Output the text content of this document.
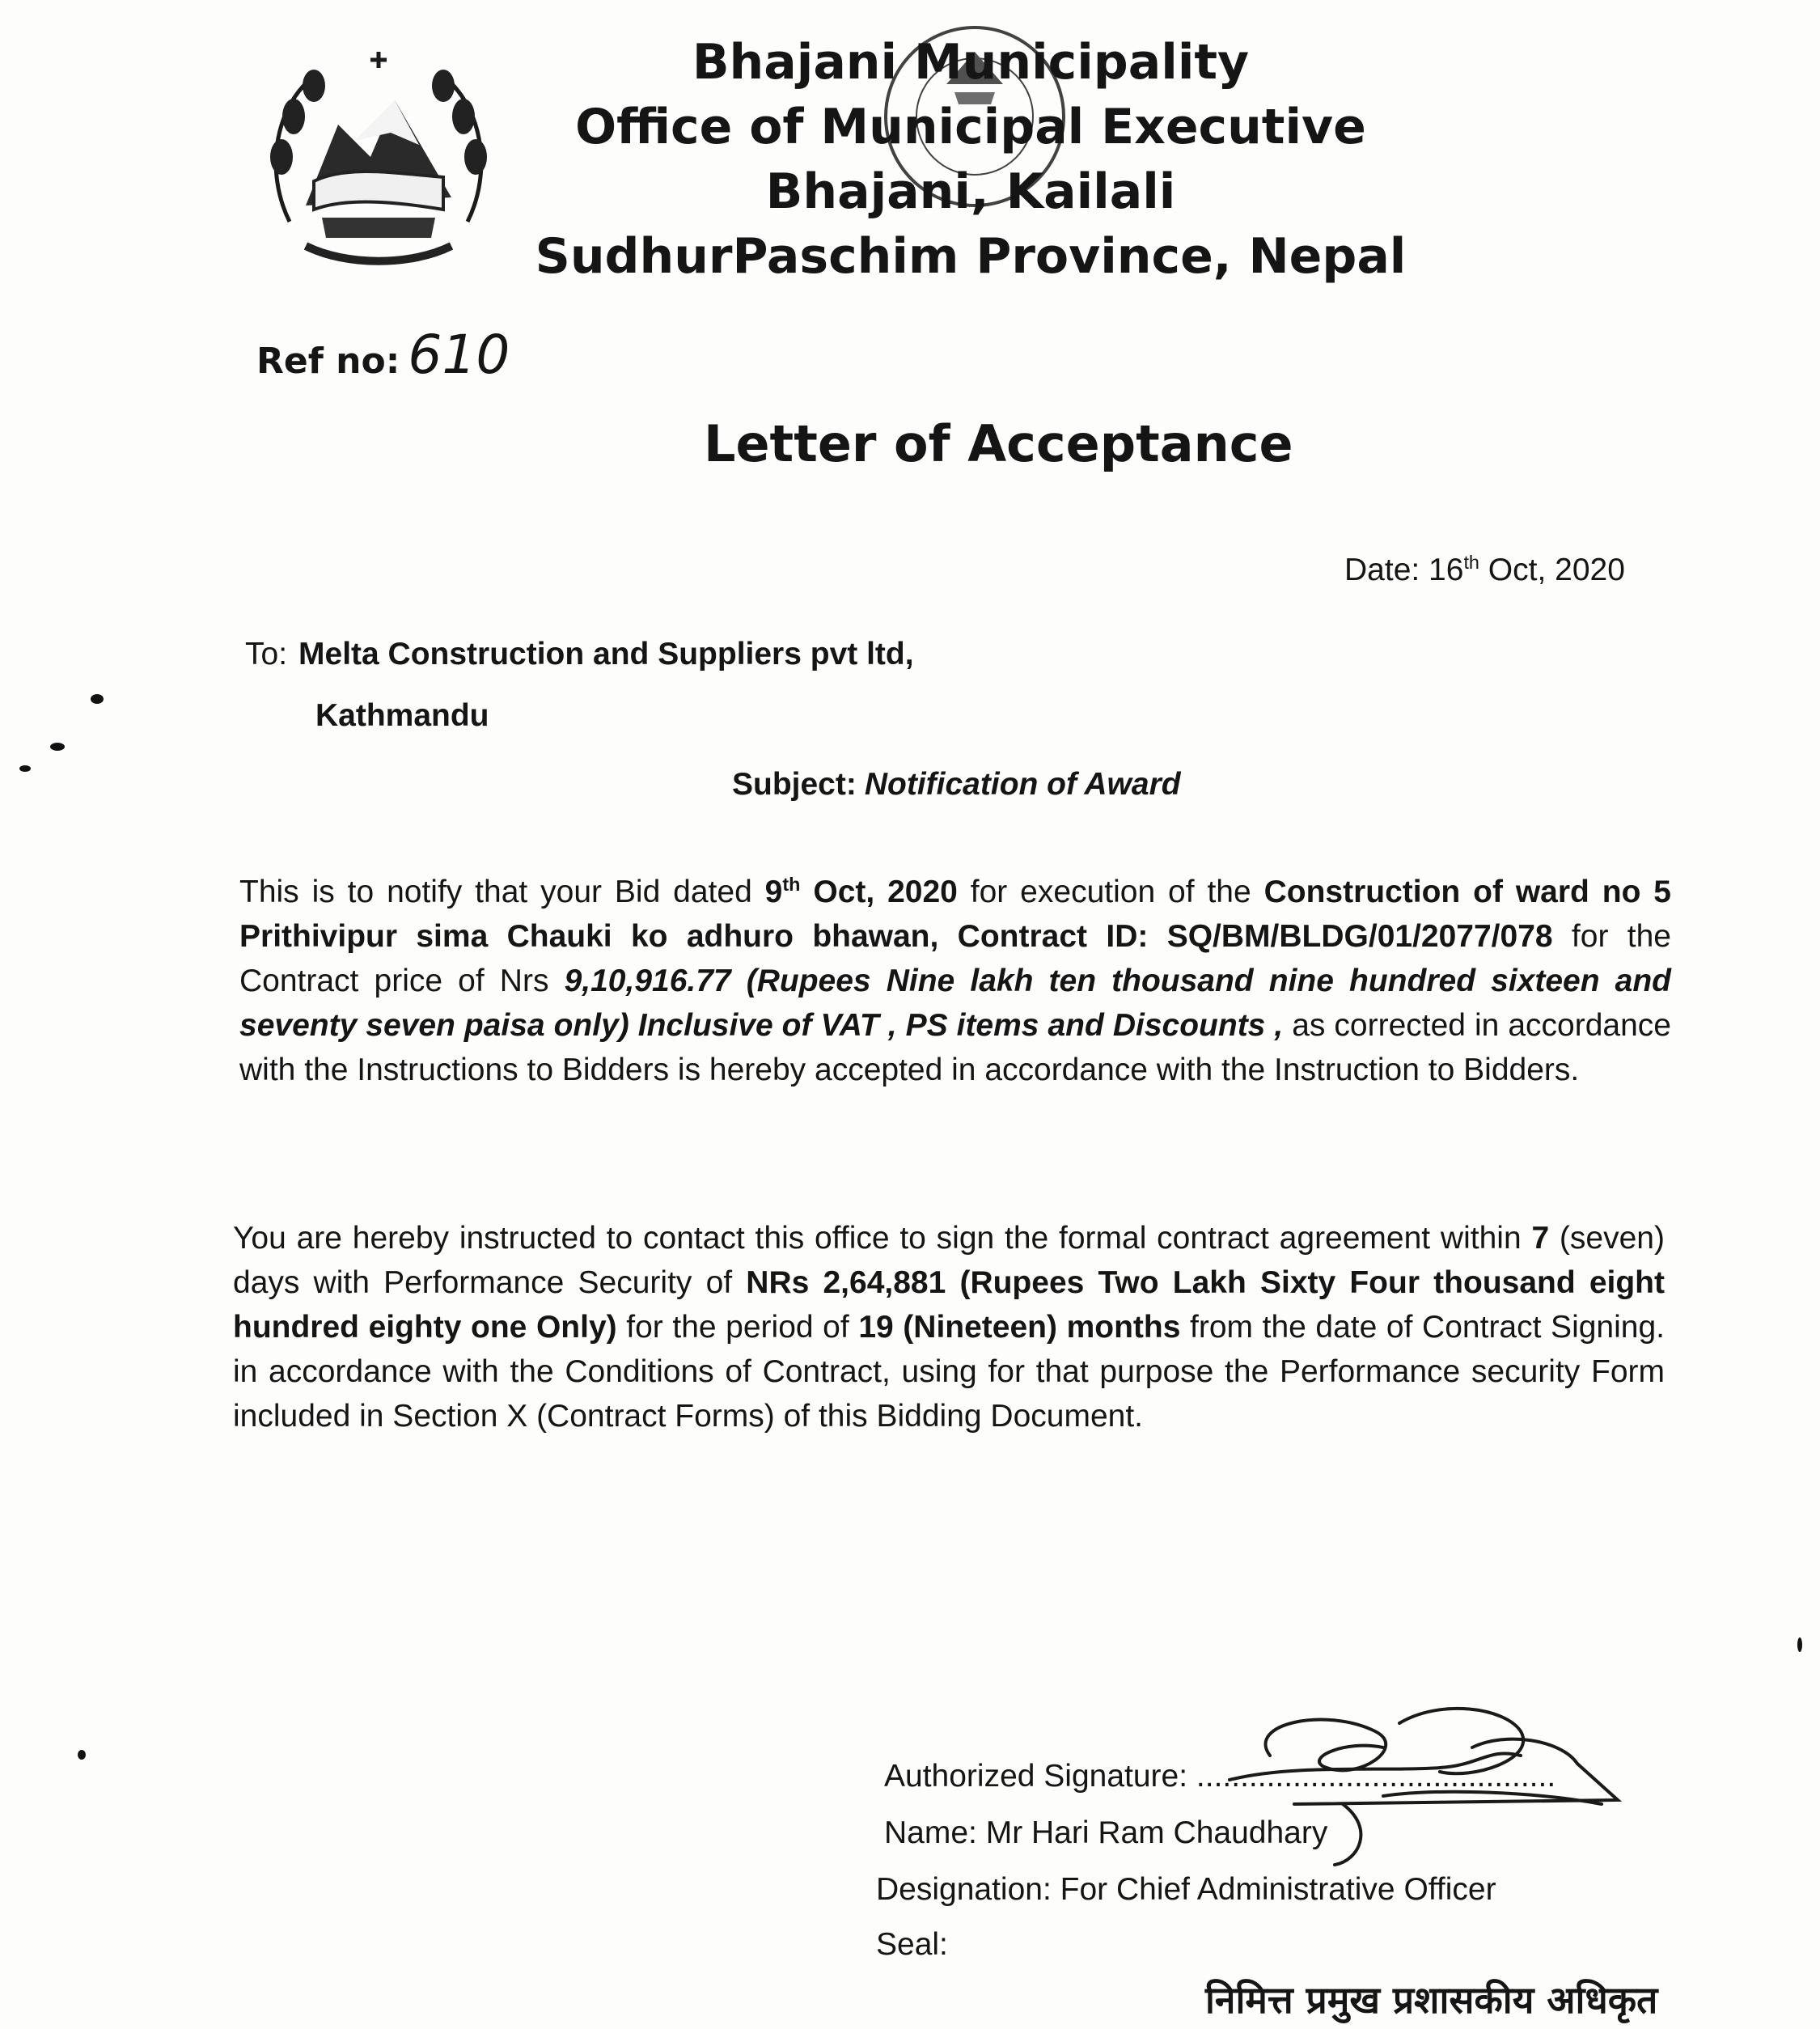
Bhajani Municipality
Office of Municipal Executive
Bhajani, Kailali
SudhurPaschim Province, Nepal
Ref no: 610
Letter of Acceptance
Date: 16th Oct, 2020
To: Melta Construction and Suppliers pvt ltd,
Kathmandu
Subject: Notification of Award
This is to notify that your Bid dated 9th Oct, 2020 for execution of the Construction of ward no 5 Prithivipur sima Chauki ko adhuro bhawan, Contract ID: SQ/BM/BLDG/01/2077/078 for the Contract price of Nrs 9,10,916.77 (Rupees Nine lakh ten thousand nine hundred sixteen and seventy seven paisa only) Inclusive of VAT , PS items and Discounts , as corrected in accordance with the Instructions to Bidders is hereby accepted in accordance with the Instruction to Bidders.
You are hereby instructed to contact this office to sign the formal contract agreement within 7 (seven) days with Performance Security of NRs 2,64,881 (Rupees Two Lakh Sixty Four thousand eight hundred eighty one Only) for the period of 19 (Nineteen) months from the date of Contract Signing. in accordance with the Conditions of Contract, using for that purpose the Performance security Form included in Section X (Contract Forms) of this Bidding Document.
Authorized Signature: .........................................
Name: Mr Hari Ram Chaudhary
Designation: For Chief Administrative Officer
Seal:
निमित्त प्रमुख प्रशासकीय अधिकृत
